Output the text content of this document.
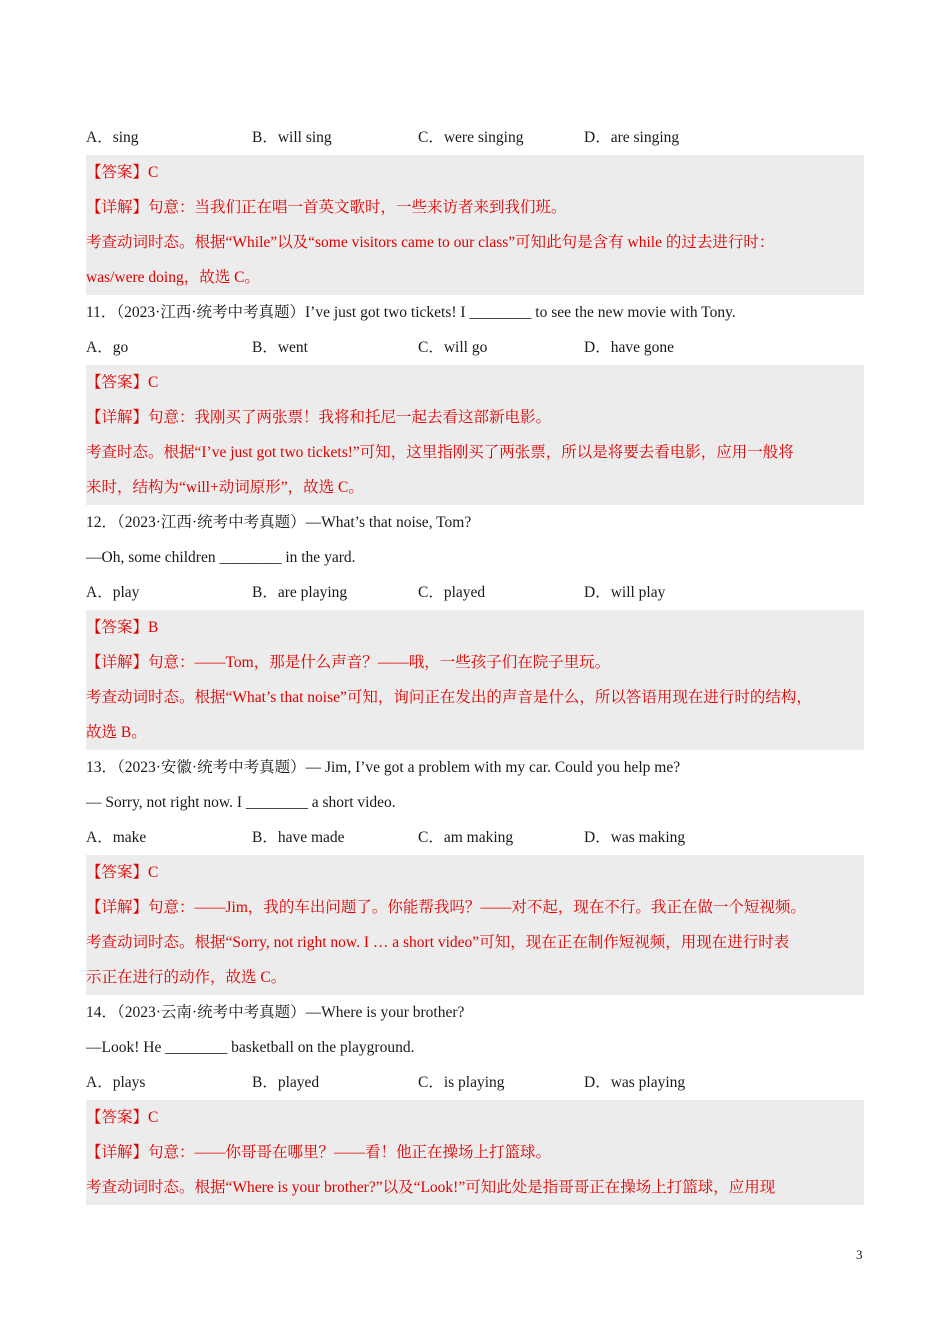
A．sing	B．will sing	C．were singing	D．are singing
【答案】C
【详解】句意：当我们正在唱一首英文歌时，一些来访者来到我们班。
考查动词时态。根据“While”以及“some visitors came to our class”可知此句是含有 while 的过去进行时：
was/were doing，故选 C。
11．（2023·江西·统考中考真题）I’ve just got two tickets! I ________ to see the new movie with Tony.
A．go	B．went	C．will go	D．have gone
【答案】C
【详解】句意：我刚买了两张票！我将和托尼一起去看这部新电影。
考查时态。根据“I’ve just got two tickets!”可知，这里指刚买了两张票，所以是将要去看电影，应用一般将
来时，结构为“will+动词原形”，故选 C。
12．（2023·江西·统考中考真题）—What’s that noise, Tom?
—Oh, some children ________ in the yard.
A．play	B．are playing	C．played	D．will play
【答案】B
【详解】句意：——Tom，那是什么声音？——哦，一些孩子们在院子里玩。
考查动词时态。根据“What’s that noise”可知，询问正在发出的声音是什么，所以答语用现在进行时的结构，
故选 B。
13．（2023·安徽·统考中考真题）— Jim, I’ve got a problem with my car. Could you help me?
— Sorry, not right now. I ________ a short video.
A．make	B．have made	C．am making	D．was making
【答案】C
【详解】句意：——Jim，我的车出问题了。你能帮我吗？——对不起，现在不行。我正在做一个短视频。
考查动词时态。根据“Sorry, not right now. I … a short video”可知，现在正在制作短视频，用现在进行时表
示正在进行的动作，故选 C。
14．（2023·云南·统考中考真题）—Where is your brother?
—Look! He ________ basketball on the playground.
A．plays	B．played	C．is playing	D．was playing
【答案】C
【详解】句意：——你哥哥在哪里？——看！他正在操场上打篮球。
考查动词时态。根据“Where is your brother?”以及“Look!”可知此处是指哥哥正在操场上打篮球，应用现
3
